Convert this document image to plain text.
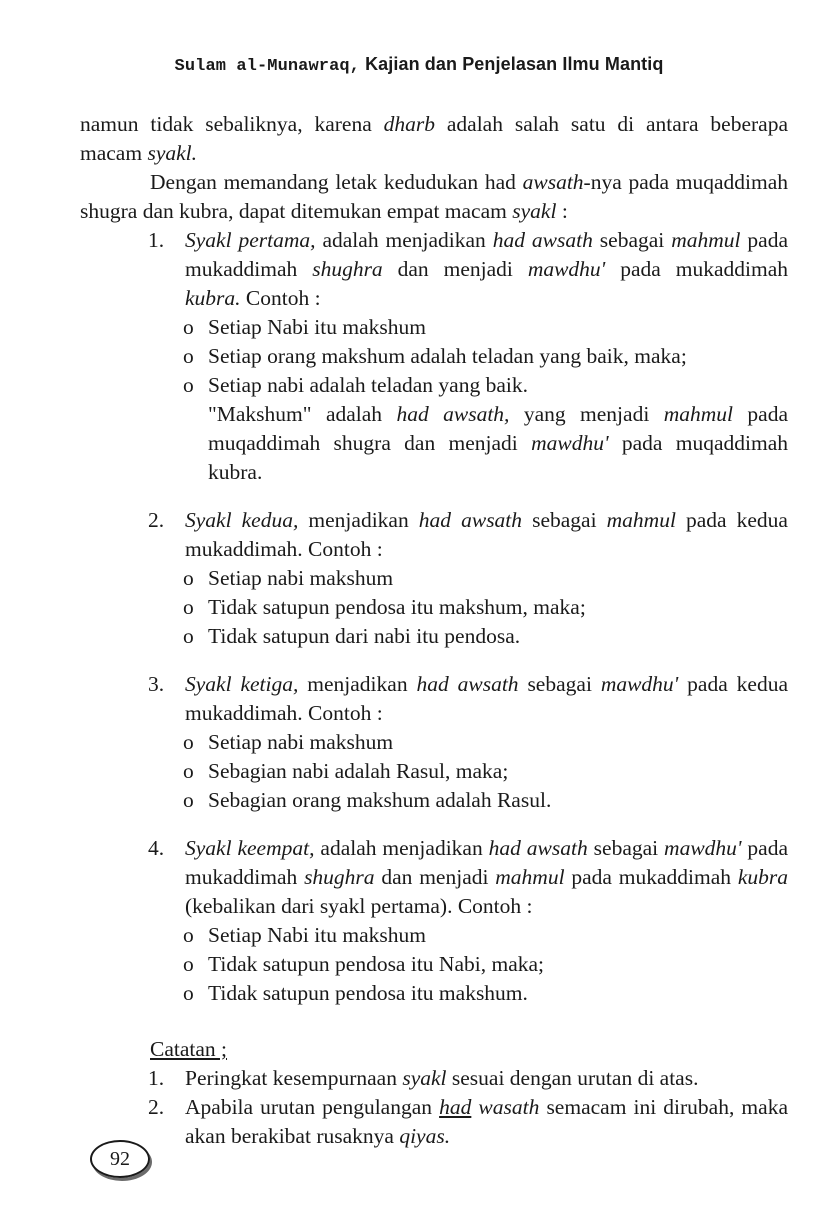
Sulam al-Munawraq, Kajian dan Penjelasan Ilmu Mantiq

namun tidak sebaliknya, karena dharb adalah salah satu di antara beberapa macam syakl.

Dengan memandang letak kedudukan had awsath-nya pada muqaddimah shugra dan kubra, dapat ditemukan empat macam syakl :

1. Syakl pertama, adalah menjadikan had awsath sebagai mahmul pada mukaddimah shughra dan menjadi mawdhu' pada mukaddimah kubra. Contoh :
o Setiap Nabi itu makshum
o Setiap orang makshum adalah teladan yang baik, maka;
o Setiap nabi adalah teladan yang baik.
"Makshum" adalah had awsath, yang menjadi mahmul pada muqaddimah shugra dan menjadi mawdhu' pada muqaddimah kubra.
2. Syakl kedua, menjadikan had awsath sebagai mahmul pada kedua mukaddimah. Contoh :
o Setiap nabi makshum
o Tidak satupun pendosa itu makshum, maka;
o Tidak satupun dari nabi itu pendosa.
3. Syakl ketiga, menjadikan had awsath sebagai mawdhu' pada kedua mukaddimah. Contoh :
o Setiap nabi makshum
o Sebagian nabi adalah Rasul, maka;
o Sebagian orang makshum adalah Rasul.
4. Syakl keempat, adalah menjadikan had awsath sebagai mawdhu' pada mukaddimah shughra dan menjadi mahmul pada mukaddimah kubra (kebalikan dari syakl pertama). Contoh :
o Setiap Nabi itu makshum
o Tidak satupun pendosa itu Nabi, maka;
o Tidak satupun pendosa itu makshum.
Catatan ;
1. Peringkat kesempurnaan syakl sesuai dengan urutan di atas.
2. Apabila urutan pengulangan had wasath semacam ini dirubah, maka akan berakibat rusaknya qiyas.
92
